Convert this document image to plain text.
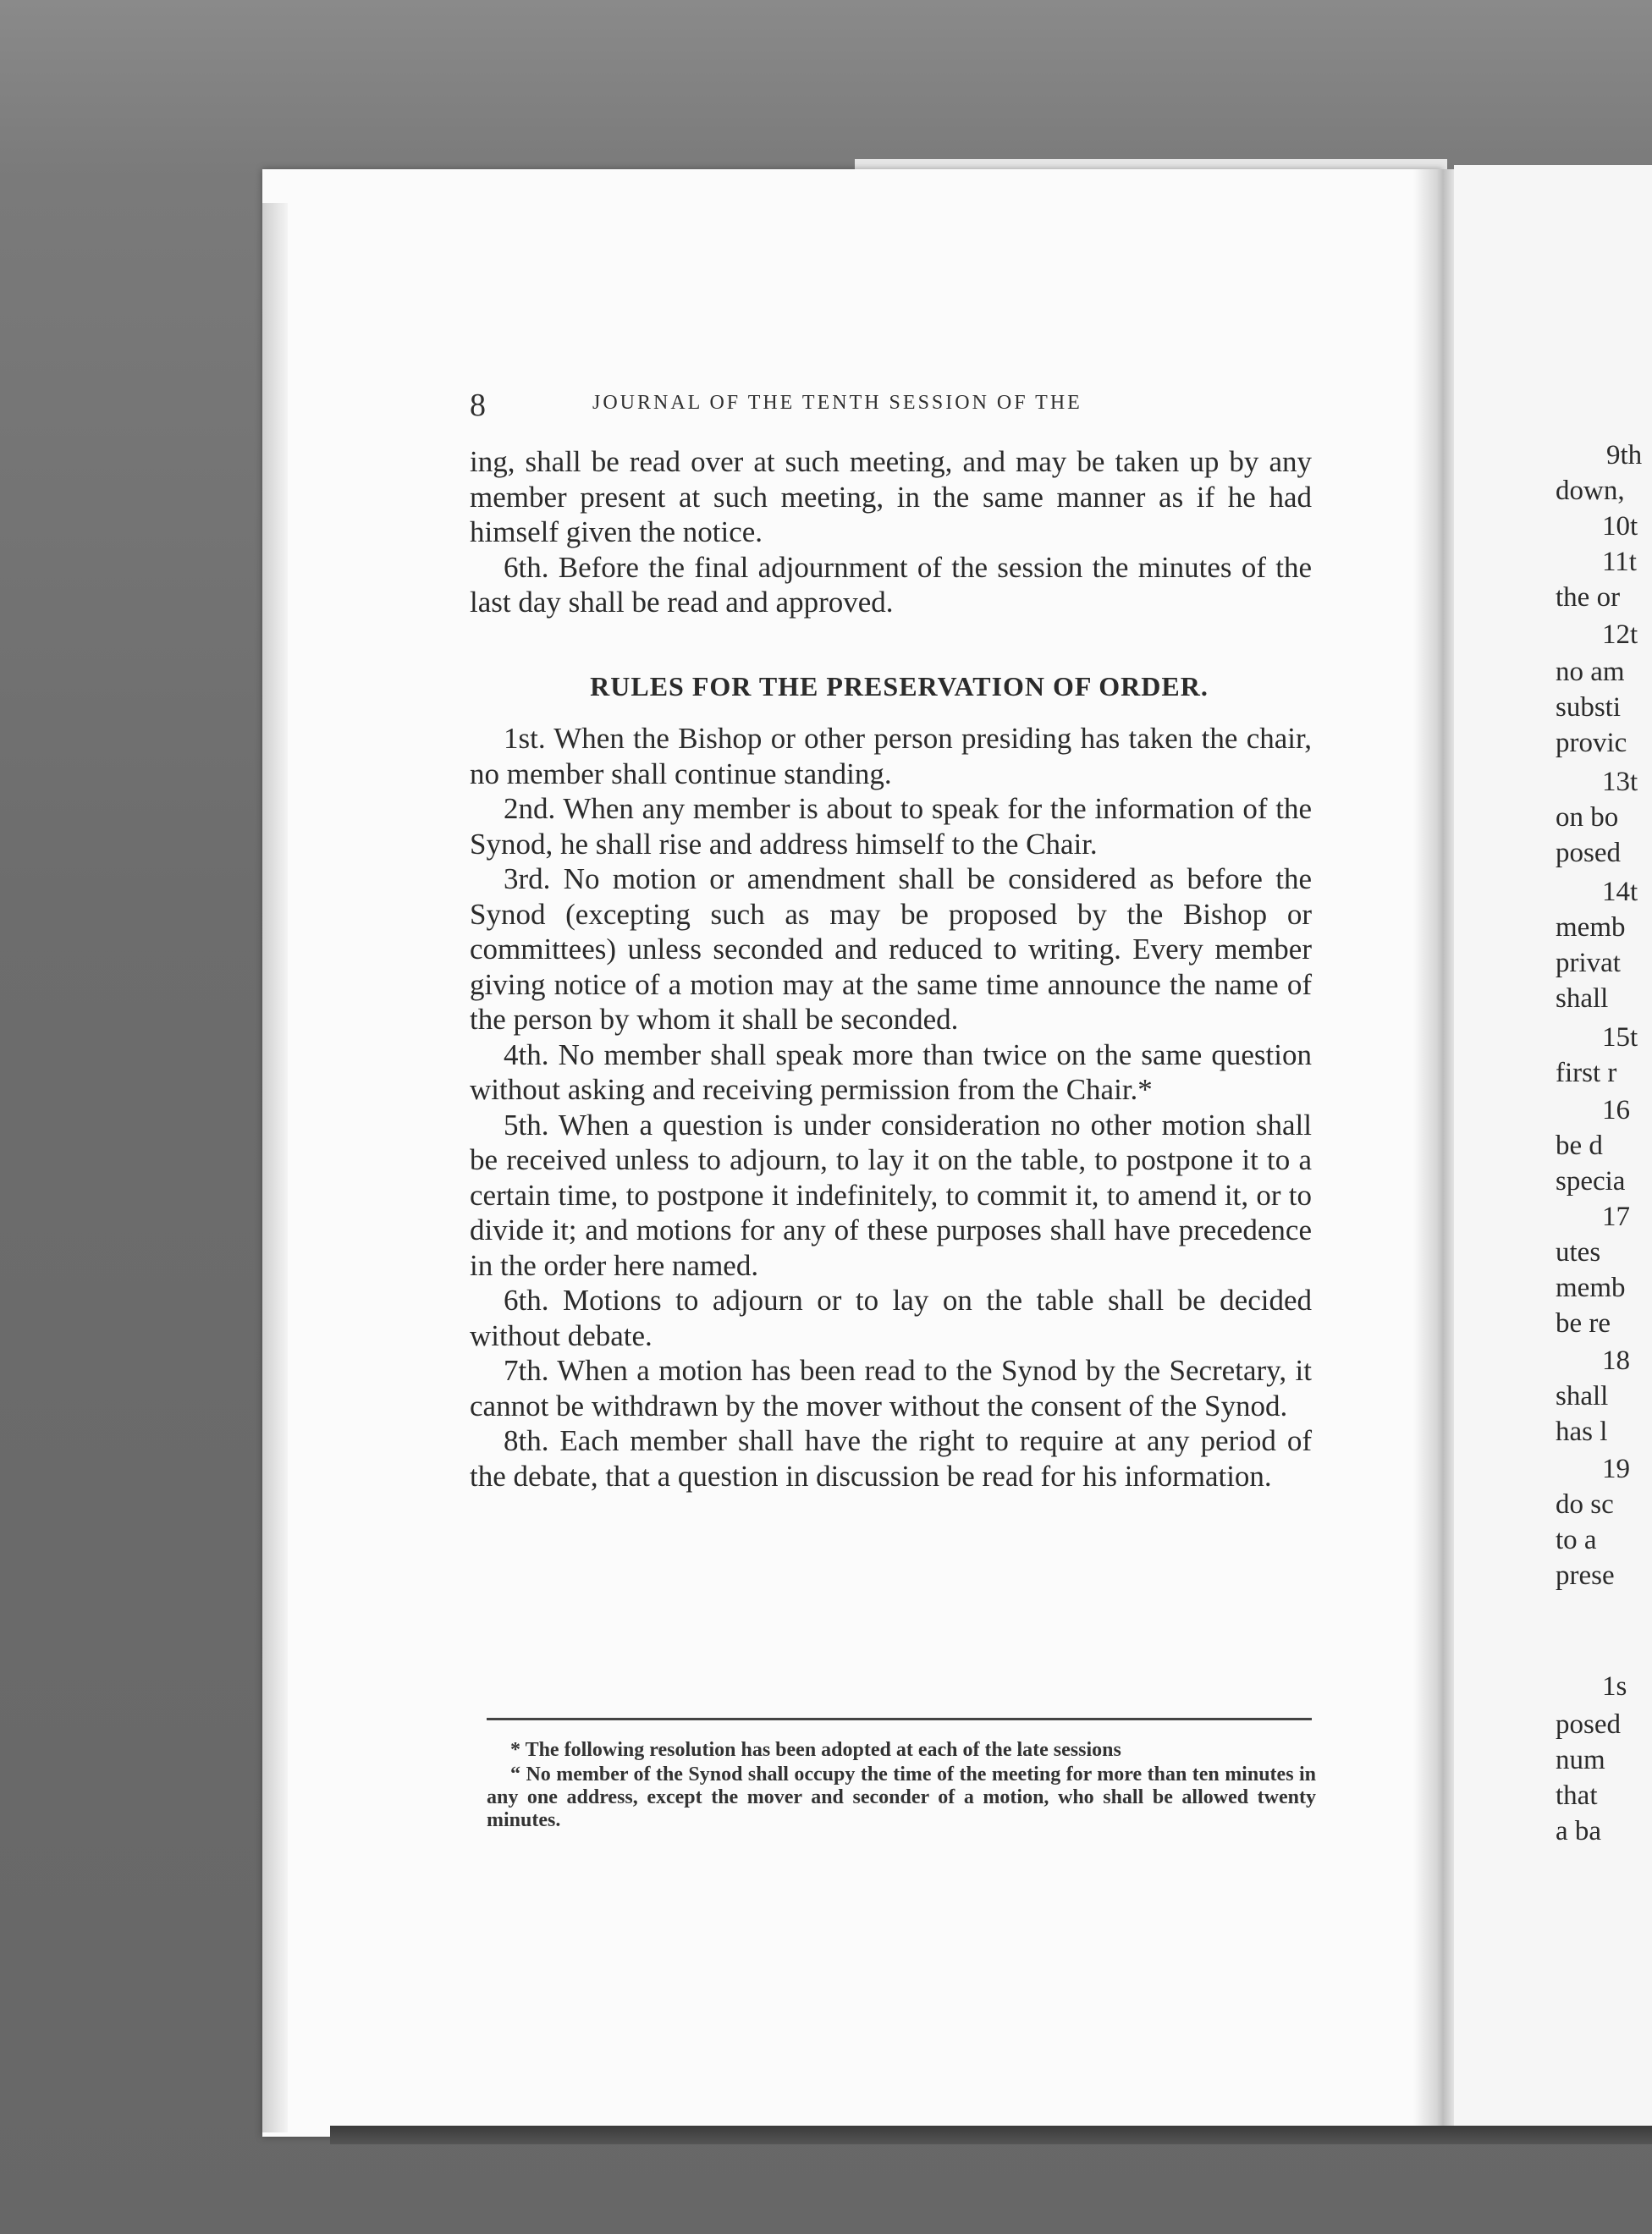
8	JOURNAL OF THE TENTH SESSION OF THE

ing, shall be read over at such meeting, and may be taken up by any member present at such meeting, in the same manner as if he had himself given the notice.

6th. Before the final adjournment of the session the minutes of the last day shall be read and approved.

RULES FOR THE PRESERVATION OF ORDER.

1st. When the Bishop or other person presiding has taken the chair, no member shall continue standing.

2nd. When any member is about to speak for the information of the Synod, he shall rise and address himself to the Chair.

3rd. No motion or amendment shall be considered as before the Synod (excepting such as may be proposed by the Bishop or committees) unless seconded and reduced to writing. Every member giving notice of a motion may at the same time announce the name of the person by whom it shall be seconded.

4th. No member shall speak more than twice on the same question without asking and receiving permission from the Chair.*

5th. When a question is under consideration no other motion shall be received unless to adjourn, to lay it on the table, to postpone it to a certain time, to postpone it indefinitely, to commit it, to amend it, or to divide it; and motions for any of these purposes shall have precedence in the order here named.

6th. Motions to adjourn or to lay on the table shall be decided without debate.

7th. When a motion has been read to the Synod by the Secretary, it cannot be withdrawn by the mover without the consent of the Synod.

8th. Each member shall have the right to require at any period of the debate, that a question in discussion be read for his information.

* The following resolution has been adopted at each of the late sessions

“ No member of the Synod shall occupy the time of the meeting for more than ten minutes in any one address, except the mover and seconder of a motion, who shall be allowed twenty minutes.

9th
down,
10t
11t
the or
12t
no am
substi
provic
13t
on bo
posed
14t
memb
privat
shall
15t
first r
16
be d
specia
17
utes
memb
be re
18
shall
has l
19
do sc
to a
prese
1s
posed
num
that
a ba
